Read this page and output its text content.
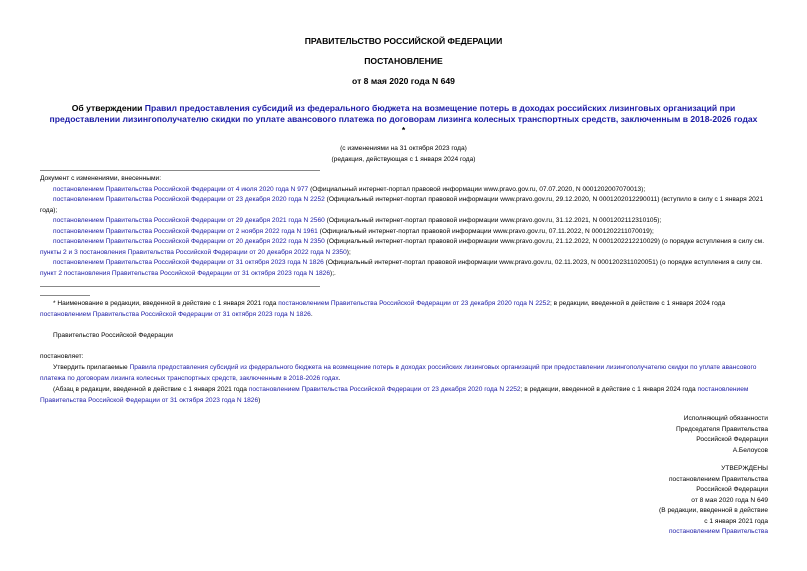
ПРАВИТЕЛЬСТВО РОССИЙСКОЙ ФЕДЕРАЦИИ
ПОСТАНОВЛЕНИЕ
от 8 мая 2020 года N 649
Об утверждении Правил предоставления субсидий из федерального бюджета на возмещение потерь в доходах российских лизинговых организаций при
предоставлении лизингополучателю скидки по уплате авансового платежа по договорам лизинга колесных транспортных средств, заключенным в 2018-2026 годах
*
(с изменениями на 31 октября 2023 года)
(редакция, действующая с 1 января 2024 года)
Документ с изменениями, внесенными:
постановлением Правительства Российской Федерации от 4 июля 2020 года N 977 (Официальный интернет-портал правовой информации www.pravo.gov.ru, 07.07.2020, N 0001202007070013);
постановлением Правительства Российской Федерации от 23 декабря 2020 года N 2252 (Официальный интернет-портал правовой информации www.pravo.gov.ru, 29.12.2020, N 0001202012290011) (вступило в силу с 1 января 2021 года);
постановлением Правительства Российской Федерации от 29 декабря 2021 года N 2560 (Официальный интернет-портал правовой информации www.pravo.gov.ru, 31.12.2021, N 0001202112310105);
постановлением Правительства Российской Федерации от 2 ноября 2022 года N 1961 (Официальный интернет-портал правовой информации www.pravo.gov.ru, 07.11.2022, N 0001202211070019);
постановлением Правительства Российской Федерации от 20 декабря 2022 года N 2350 (Официальный интернет-портал правовой информации www.pravo.gov.ru, 21.12.2022, N 0001202212210029) (о порядке вступления в силу см. пункты 2 и 3 постановления Правительства Российской Федерации от 20 декабря 2022 года N 2350);
постановлением Правительства Российской Федерации от 31 октября 2023 года N 1826 (Официальный интернет-портал правовой информации www.pravo.gov.ru, 02.11.2023, N 0001202311020051) (о порядке вступления в силу см. пункт 2 постановления Правительства Российской Федерации от 31 октября 2023 года N 1826);.
* Наименование в редакции, введенной в действие с 1 января 2021 года постановлением Правительства Российской Федерации от 23 декабря 2020 года N 2252; в редакции, введенной в действие с 1 января 2024 года постановлением Правительства Российской Федерации от 31 октября 2023 года N 1826.
Правительство Российской Федерации
постановляет:
Утвердить прилагаемые Правила предоставления субсидий из федерального бюджета на возмещение потерь в доходах российских лизинговых организаций при предоставлении лизингополучателю скидки по уплате авансового платежа по договорам лизинга колесных транспортных средств, заключенным в 2018-2026 годах.
(Абзац в редакции, введенной в действие с 1 января 2021 года постановлением Правительства Российской Федерации от 23 декабря 2020 года N 2252; в редакции, введенной в действие с 1 января 2024 года постановлением Правительства Российской Федерации от 31 октября 2023 года N 1826)
Исполняющий обязанности
Председателя Правительства
Российской Федерации
А.Белоусов
УТВЕРЖДЕНЫ
постановлением Правительства
Российской Федерации
от 8 мая 2020 года N 649
(В редакции, введенной в действие
с 1 января 2021 года
постановлением Правительства
